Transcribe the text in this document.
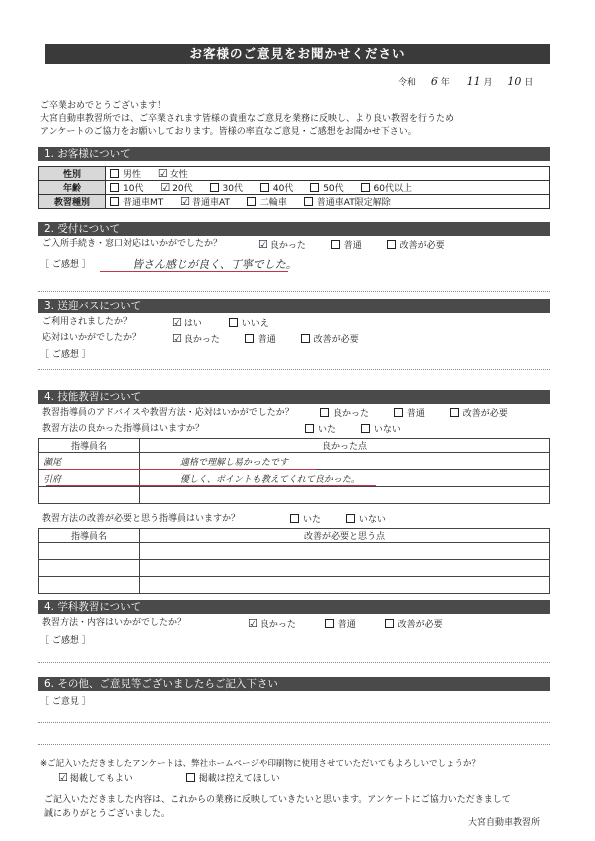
お客様のご意見をお聞かせください
令和 6 年 11 月 10 日
ご卒業おめでとうございます！
大宮自動車教習所では、ご卒業されます皆様の貴重なご意見を業務に反映し、より良い教習を行うため
アンケートのご協力をお願いしております。皆様の率直なご意見・ご感想をお聞かせ下さい。
1. お客様について
性別	男性 ☑ 女性
年齢	10代 ☑ 20代 30代 40代 50代 60代以上
教習種別	普通車MT ☑ 普通車AT 二輪車 普通車AT限定解除
2. 受付について
ご入所手続き・窓口対応はいかがでしたか？	☑ 良かった	普通	改善が必要
［ ご感想 ］	皆さん感じが良く、丁寧でした。
3. 送迎バスについて
ご利用されましたか？	☑ はい	いいえ
応対はいかがでしたか？	☑ 良かった	普通	改善が必要
［ ご感想 ］
4. 技能教習について
教習指導員のアドバイスや教習方法・応対はいかがでしたか？	良かった	普通	改善が必要
教習方法の良かった指導員はいますか？	いた	いない
指導員名	良かった点
瀬尾	適格で理解し易かったです
引府	優しく、ポイントも教えてくれて良かった。

教習方法の改善が必要と思う指導員はいますか？	いた	いない
指導員名	改善が必要と思う点

4. 学科教習について
教習方法・内容はいかがでしたか？	☑ 良かった	普通	改善が必要
［ ご感想 ］
6. その他、ご意見等ございましたらご記入下さい
［ ご意見 ］
※ご記入いただきましたアンケートは、弊社ホームページや印刷物に使用させていただいてもよろしいでしょうか？
☑ 掲載してもよい	掲載は控えてほしい
ご記入いただきました内容は、これからの業務に反映していきたいと思います。アンケートにご協力いただきまして
誠にありがとうございました。
大宮自動車教習所
